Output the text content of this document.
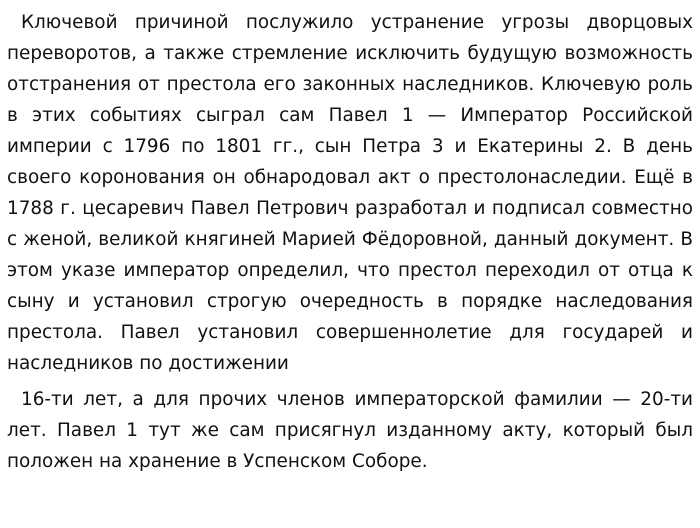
Ключевой причиной послужило устранение угрозы дворцовых переворотов, а также стремление исключить будущую возможность отстранения от престола его законных наследников. Ключевую роль в этих событиях сыграл сам Павел 1 — Император Российской империи с 1796 по 1801 гг., сын Петра 3 и Екатерины 2. В день своего коронования он обнародовал акт о престолонаследии. Ещё в 1788 г. цесаревич Павел Петрович разработал и подписал совместно с женой, великой княгиней Марией Фёдоровной, данный документ. В этом указе император определил, что престол переходил от отца к сыну и установил строгую очередность в порядке наследования престола. Павел установил совершеннолетие для государей и наследников по достижении

16-ти лет, а для прочих членов императорской фамилии — 20-ти лет. Павел 1 тут же сам присягнул изданному акту, который был положен на хранение в Успенском Соборе.
